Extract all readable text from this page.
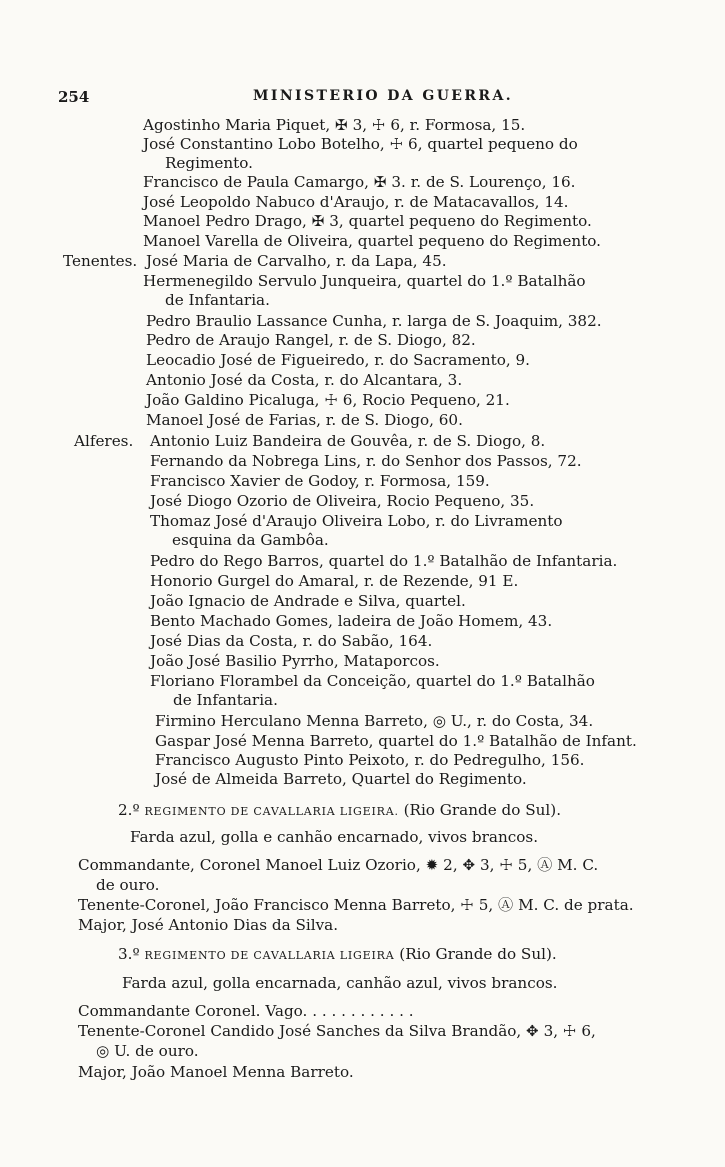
254	MINISTERIO DA GUERRA.
Agostinho Maria Piquet, ✠ 3, ☩ 6, r. Formosa, 15.
José Constantino Lobo Botelho, ☩ 6, quartel pequeno do
Regimento.
Francisco de Paula Camargo, ✠ 3. r. de S. Lourenço, 16.
José Leopoldo Nabuco d'Araujo, r. de Matacavallos, 14.
Manoel Pedro Drago, ✠ 3, quartel pequeno do Regimento.
Manoel Varella de Oliveira, quartel pequeno do Regimento.
Tenentes. José Maria de Carvalho, r. da Lapa, 45.
Hermenegildo Servulo Junqueira, quartel do 1.º Batalhão
de Infantaria.
Pedro Braulio Lassance Cunha, r. larga de S. Joaquim, 382.
Pedro de Araujo Rangel, r. de S. Diogo, 82.
Leocadio José de Figueiredo, r. do Sacramento, 9.
Antonio José da Costa, r. do Alcantara, 3.
João Galdino Picaluga, ☩ 6, Rocio Pequeno, 21.
Manoel José de Farias, r. de S. Diogo, 60.
Alferes. Antonio Luiz Bandeira de Gouvêa, r. de S. Diogo, 8.
Fernando da Nobrega Lins, r. do Senhor dos Passos, 72.
Francisco Xavier de Godoy, r. Formosa, 159.
José Diogo Ozorio de Oliveira, Rocio Pequeno, 35.
Thomaz José d'Araujo Oliveira Lobo, r. do Livramento
esquina da Gambôa.
Pedro do Rego Barros, quartel do 1.º Batalhão de Infantaria.
Honorio Gurgel do Amaral, r. de Rezende, 91 E.
João Ignacio de Andrade e Silva, quartel.
Bento Machado Gomes, ladeira de João Homem, 43.
José Dias da Costa, r. do Sabão, 164.
João José Basilio Pyrrho, Mataporcos.
Floriano Florambel da Conceição, quartel do 1.º Batalhão
de Infantaria.
Firmino Herculano Menna Barreto, ◎ U., r. do Costa, 34.
Gaspar José Menna Barreto, quartel do 1.º Batalhão de Infant.
Francisco Augusto Pinto Peixoto, r. do Pedregulho, 156.
José de Almeida Barreto, Quartel do Regimento.
2.º REGIMENTO DE CAVALLARIA LIGEIRA. (Rio Grande do Sul).
Farda azul, golla e canhão encarnado, vivos brancos.
Commandante, Coronel Manoel Luiz Ozorio, ✹ 2, ✥ 3, ☩ 5, Ⓐ M. C.
de ouro.
Tenente-Coronel, João Francisco Menna Barreto, ☩ 5, Ⓐ M. C. de prata.
Major, José Antonio Dias da Silva.
3.º REGIMENTO DE CAVALLARIA LIGEIRA (Rio Grande do Sul).
Farda azul, golla encarnada, canhão azul, vivos brancos.
Commandante Coronel. Vago. . . . . . . . . . . .
Tenente-Coronel Candido José Sanches da Silva Brandão, ✥ 3, ☩ 6,
◎ U. de ouro.
Major, João Manoel Menna Barreto.
